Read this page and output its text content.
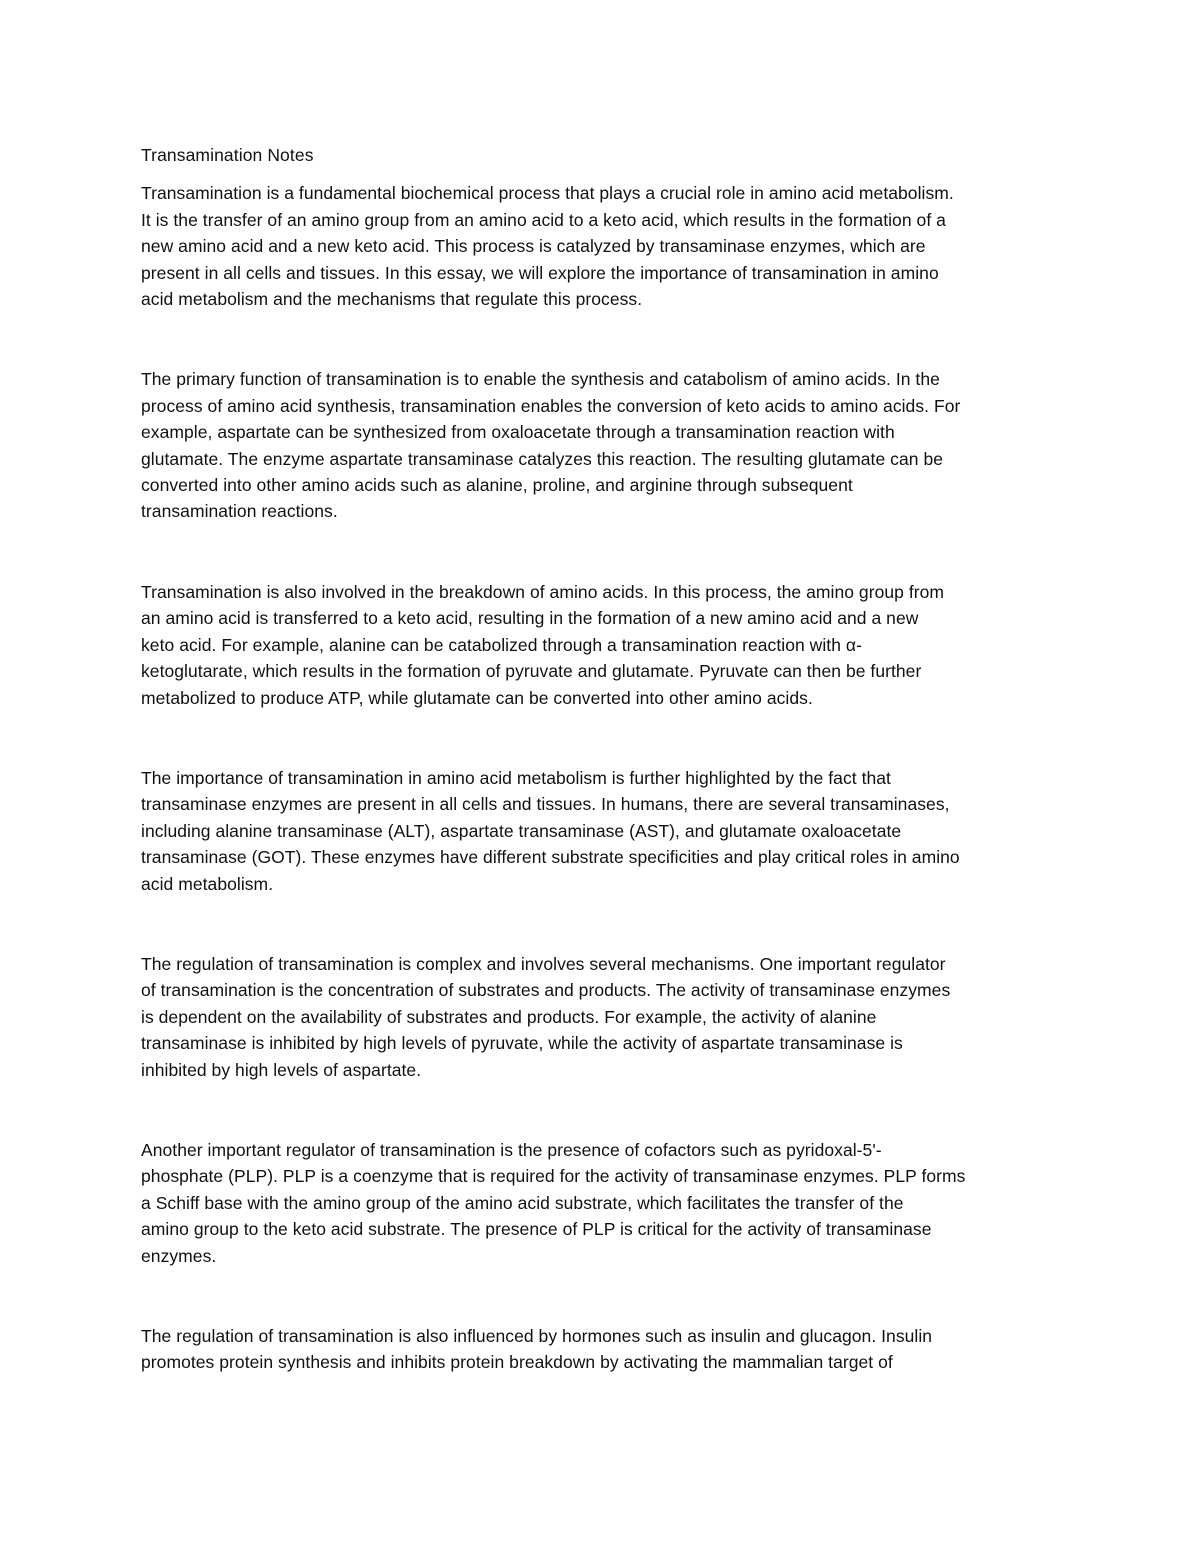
Transamination Notes

Transamination is a fundamental biochemical process that plays a crucial role in amino acid metabolism.
It is the transfer of an amino group from an amino acid to a keto acid, which results in the formation of a
new amino acid and a new keto acid. This process is catalyzed by transaminase enzymes, which are
present in all cells and tissues. In this essay, we will explore the importance of transamination in amino
acid metabolism and the mechanisms that regulate this process.

The primary function of transamination is to enable the synthesis and catabolism of amino acids. In the
process of amino acid synthesis, transamination enables the conversion of keto acids to amino acids. For
example, aspartate can be synthesized from oxaloacetate through a transamination reaction with
glutamate. The enzyme aspartate transaminase catalyzes this reaction. The resulting glutamate can be
converted into other amino acids such as alanine, proline, and arginine through subsequent
transamination reactions.

Transamination is also involved in the breakdown of amino acids. In this process, the amino group from
an amino acid is transferred to a keto acid, resulting in the formation of a new amino acid and a new
keto acid. For example, alanine can be catabolized through a transamination reaction with α-
ketoglutarate, which results in the formation of pyruvate and glutamate. Pyruvate can then be further
metabolized to produce ATP, while glutamate can be converted into other amino acids.

The importance of transamination in amino acid metabolism is further highlighted by the fact that
transaminase enzymes are present in all cells and tissues. In humans, there are several transaminases,
including alanine transaminase (ALT), aspartate transaminase (AST), and glutamate oxaloacetate
transaminase (GOT). These enzymes have different substrate specificities and play critical roles in amino
acid metabolism.

The regulation of transamination is complex and involves several mechanisms. One important regulator
of transamination is the concentration of substrates and products. The activity of transaminase enzymes
is dependent on the availability of substrates and products. For example, the activity of alanine
transaminase is inhibited by high levels of pyruvate, while the activity of aspartate transaminase is
inhibited by high levels of aspartate.

Another important regulator of transamination is the presence of cofactors such as pyridoxal-5'-
phosphate (PLP). PLP is a coenzyme that is required for the activity of transaminase enzymes. PLP forms
a Schiff base with the amino group of the amino acid substrate, which facilitates the transfer of the
amino group to the keto acid substrate. The presence of PLP is critical for the activity of transaminase
enzymes.

The regulation of transamination is also influenced by hormones such as insulin and glucagon. Insulin
promotes protein synthesis and inhibits protein breakdown by activating the mammalian target of
